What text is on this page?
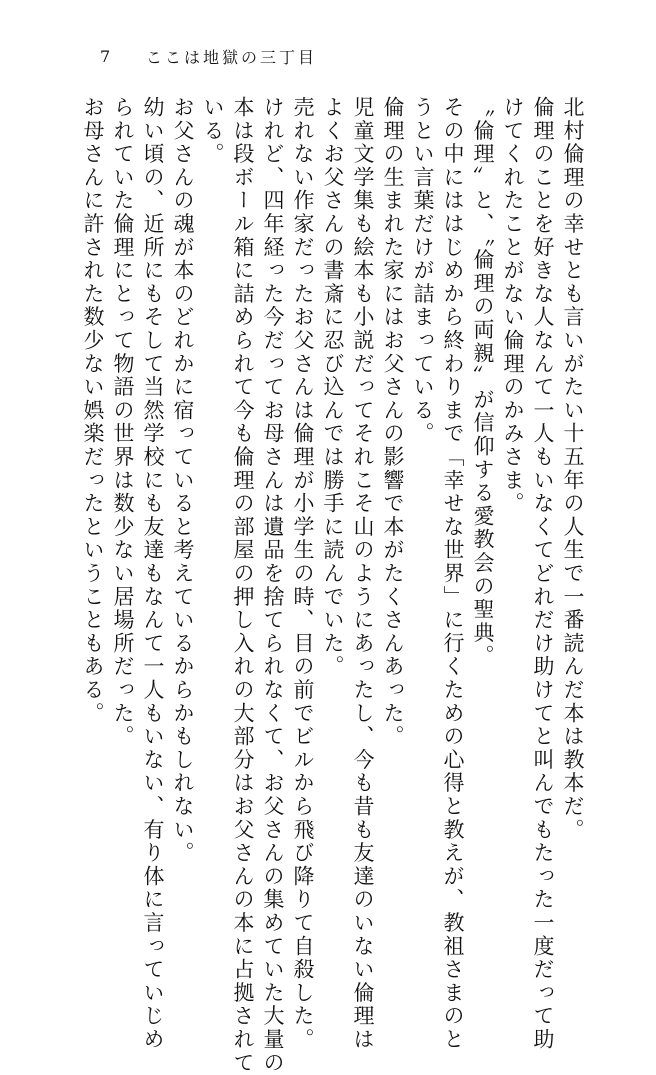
7	ここは地獄の三丁目
北村倫理の幸せとも言いがたい十五年の人生で一番読んだ本は教本だ。
倫理のことを好きな人なんて一人もいなくてどれだけ助けてと叫んでもたった一度だって助
けてくれたことがない倫理のかみさま。
〝倫理〟と、〝倫理の両親〟が信仰する愛教会の聖典。
その中にははじめから終わりまで「幸せな世界」に行くための心得と教えが、教祖さまのと
うとい言葉だけが詰まっている。
倫理の生まれた家にはお父さんの影響で本がたくさんあった。
児童文学集も絵本も小説だってそれこそ山のようにあったし、今も昔も友達のいない倫理は
よくお父さんの書斎に忍び込んでは勝手に読んでいた。
売れない作家だったお父さんは倫理が小学生の時、目の前でビルから飛び降りて自殺した。
けれど、四年経った今だってお母さんは遺品を捨てられなくて、お父さんの集めていた大量の
本は段ボール箱に詰められて今も倫理の部屋の押し入れの大部分はお父さんの本に占拠されて
いる。
お父さんの魂が本のどれかに宿っていると考えているからかもしれない。
幼い頃の、近所にもそして当然学校にも友達もなんて一人もいない、有り体に言っていじめ
られていた倫理にとって物語の世界は数少ない居場所だった。
お母さんに許された数少ない娯楽だったということもある。
